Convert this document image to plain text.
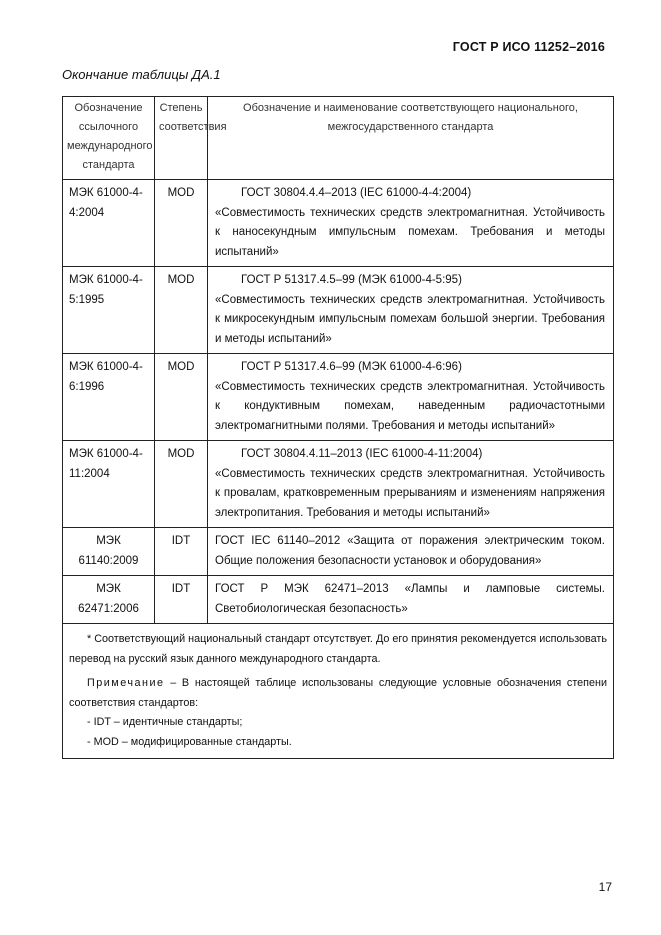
ГОСТ Р ИСО 11252–2016
Окончание таблицы ДА.1
Обозначение ссылочного международного стандарта	Степень соответствия	Обозначение и наименование соответствующего национального, межгосударственного стандарта
МЭК 61000-4-4:2004	MOD	ГОСТ 30804.4.4–2013 (IEC 61000-4-4:2004)
«Совместимость технических средств электромагнитная. Устойчивость к наносекундным импульсным помехам. Требования и методы испытаний»
МЭК 61000-4-5:1995	MOD	ГОСТ Р 51317.4.5–99 (МЭК 61000-4-5:95)
«Совместимость технических средств электромагнитная. Устойчивость к микросекундным импульсным помехам большой энергии. Требования и методы испытаний»
МЭК 61000-4-6:1996	MOD	ГОСТ Р 51317.4.6–99 (МЭК 61000-4-6:96)
«Совместимость технических средств электромагнитная. Устойчивость к кондуктивным помехам, наведенным радиочастотными электромагнитными полями. Требования и методы испытаний»
МЭК 61000-4-11:2004	MOD	ГОСТ 30804.4.11–2013 (IEC 61000-4-11:2004)
«Совместимость технических средств электромагнитная. Устойчивость к провалам, кратковременным прерываниям и изменениям напряжения электропитания. Требования и методы испытаний»
МЭК 61140:2009	IDT	ГОСТ IEC 61140–2012 «Защита от поражения электрическим током. Общие положения безопасности установок и оборудования»
МЭК 62471:2006	IDT	ГОСТ Р МЭК 62471–2013 «Лампы и ламповые системы. Светобиологическая безопасность»

* Соответствующий национальный стандарт отсутствует. До его принятия рекомендуется использовать перевод на русский язык данного международного стандарта.

Примечание – В настоящей таблице использованы следующие условные обозначения степени соответствия стандартов:

- IDT – идентичные стандарты;

- MOD – модифицированные стандарты.		

17
